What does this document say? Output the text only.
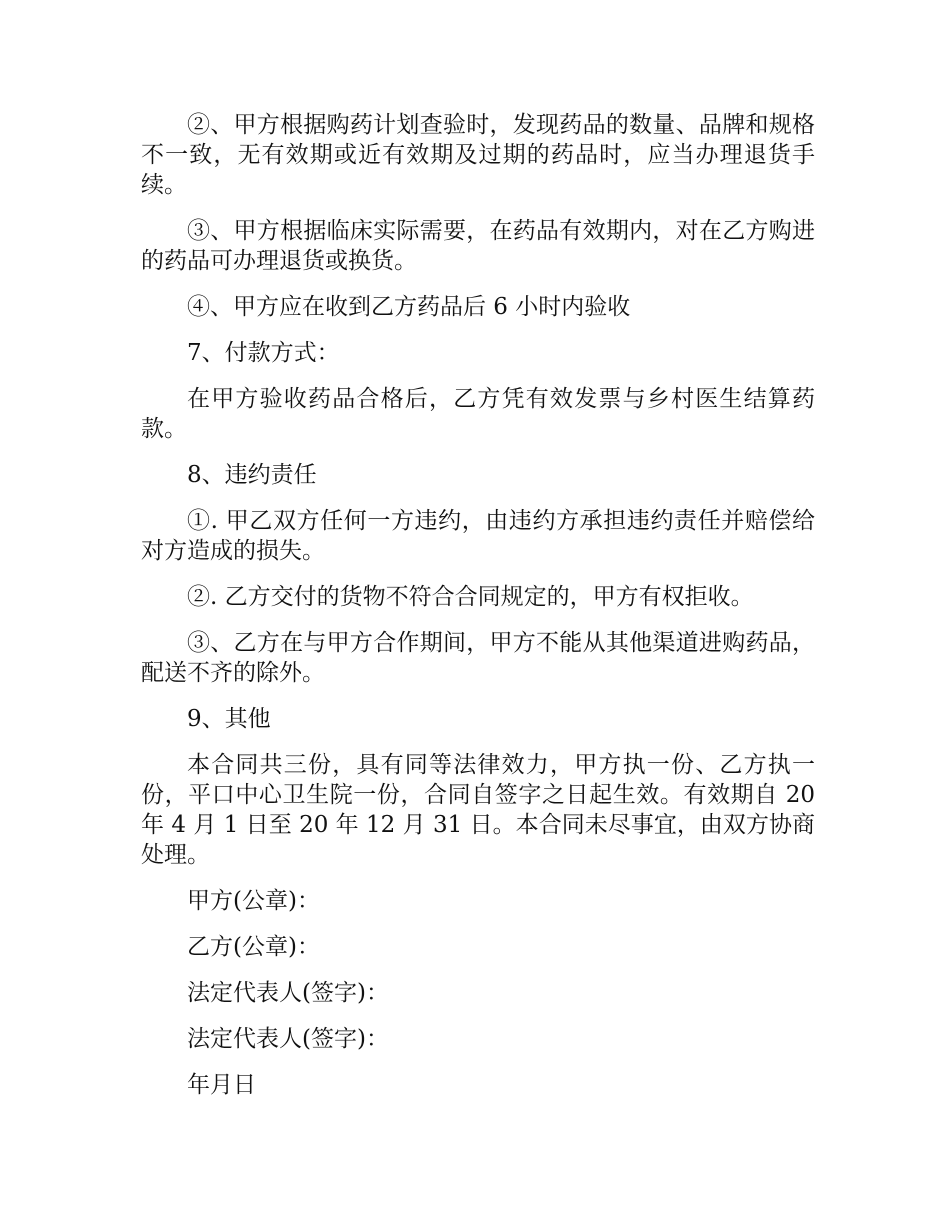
②、甲方根据购药计划查验时，发现药品的数量、品牌和规格不一致，无有效期或近有效期及过期的药品时，应当办理退货手续。

③、甲方根据临床实际需要，在药品有效期内，对在乙方购进的药品可办理退货或换货。

④、甲方应在收到乙方药品后 6 小时内验收

7、付款方式：

在甲方验收药品合格后，乙方凭有效发票与乡村医生结算药款。

8、违约责任

①. 甲乙双方任何一方违约，由违约方承担违约责任并赔偿给对方造成的损失。

②. 乙方交付的货物不符合合同规定的，甲方有权拒收。

③、乙方在与甲方合作期间，甲方不能从其他渠道进购药品，配送不齐的除外。

9、其他

本合同共三份，具有同等法律效力，甲方执一份、乙方执一份，平口中心卫生院一份，合同自签字之日起生效。有效期自 20 年 4 月 1 日至 20 年 12 月 31 日。本合同未尽事宜，由双方协商处理。

甲方(公章)：

乙方(公章)：

法定代表人(签字)：

法定代表人(签字)：

年月日
